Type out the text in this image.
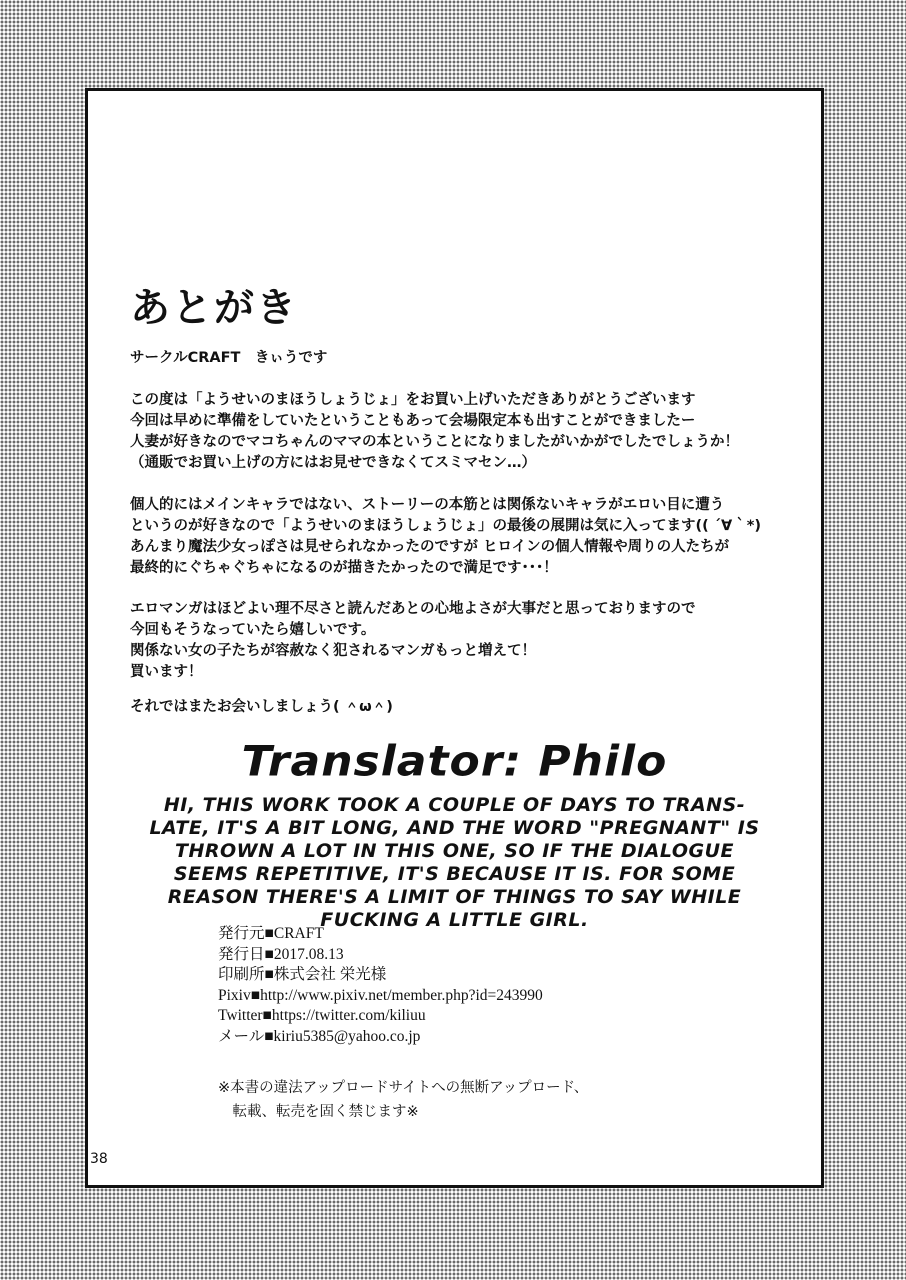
あとがき
サークルCRAFT　きぃうです
この度は「ようせいのまほうしょうじょ」をお買い上げいただきありがとうございます
今回は早めに準備をしていたということもあって会場限定本も出すことができましたー
人妻が好きなのでマコちゃんのママの本ということになりましたがいかがでしたでしょうか！
（通販でお買い上げの方にはお見せできなくてスミマセン…）
個人的にはメインキャラではない、ストーリーの本筋とは関係ないキャラがエロい目に遭う
というのが好きなので「ようせいのまほうしょうじょ」の最後の展開は気に入ってます(( ´∀｀*)
あんまり魔法少女っぽさは見せられなかったのですが ヒロインの個人情報や周りの人たちが
最終的にぐちゃぐちゃになるのが描きたかったので満足です･･･！
エロマンガはほどよい理不尽さと読んだあとの心地よさが大事だと思っておりますので
今回もそうなっていたら嬉しいです。
関係ない女の子たちが容赦なく犯されるマンガもっと増えて！
買います！
それではまたお会いしましょう( ＾ω＾)
Translator: Philo
HI, THIS WORK TOOK A COUPLE OF DAYS TO TRANS-
LATE, IT'S A BIT LONG, AND THE WORD "PREGNANT" IS
THROWN A LOT IN THIS ONE, SO IF THE DIALOGUE
SEEMS REPETITIVE, IT'S BECAUSE IT IS. FOR SOME
REASON THERE'S A LIMIT OF THINGS TO SAY WHILE
FUCKING A LITTLE GIRL.
発行元■CRAFT
発行日■2017.08.13
印刷所■株式会社 栄光様
Pixiv■http://www.pixiv.net/member.php?id=243990
Twitter■https://twitter.com/kiliuu
メール■kiriu5385@yahoo.co.jp
※本書の違法アップロードサイトへの無断アップロード、
　転載、転売を固く禁じます※
38
